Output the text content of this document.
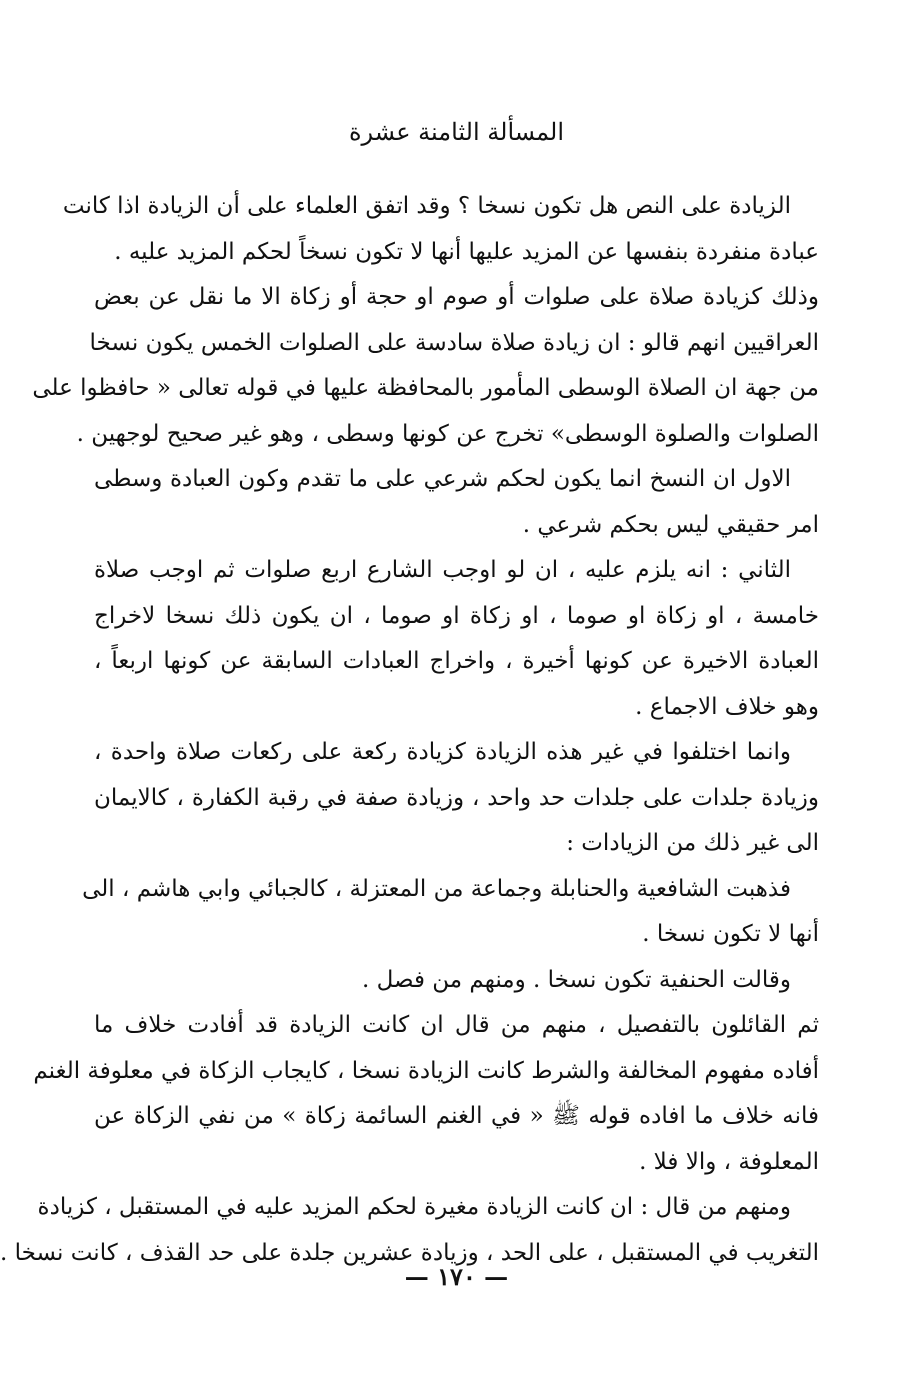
المسألة الثامنة عشرة
الزيادة على النص هل تكون نسخا ؟ وقد اتفق العلماء على أن الزيادة اذا كانت
عبادة منفردة بنفسها عن المزيد عليها أنها لا تكون نسخاً لحكم المزيد عليه .
وذلك كزيادة صلاة على صلوات أو صوم او حجة أو زكاة الا ما نقل عن بعض
العراقيين انهم قالو : ان زيادة صلاة سادسة على الصلوات الخمس يكون نسخا
من جهة ان الصلاة الوسطى المأمور بالمحافظة عليها في قوله تعالى « حافظوا على
الصلوات والصلوة الوسطى» تخرج عن كونها وسطى ، وهو غير صحيح لوجهين .
الاول ان النسخ انما يكون لحكم شرعي على ما تقدم وكون العبادة وسطى
امر حقيقي ليس بحكم شرعي .
الثاني : انه يلزم عليه ، ان لو اوجب الشارع اربع صلوات ثم اوجب صلاة
خامسة ، او زكاة او صوما ، او زكاة او صوما ، ان يكون ذلك نسخا لاخراج
العبادة الاخيرة عن كونها أخيرة ، واخراج العبادات السابقة عن كونها اربعاً ،
وهو خلاف الاجماع .
وانما اختلفوا في غير هذه الزيادة كزيادة ركعة على ركعات صلاة واحدة ،
وزيادة جلدات على جلدات حد واحد ، وزيادة صفة في رقبة الكفارة ، كالايمان
الى غير ذلك من الزيادات :
فذهبت الشافعية والحنابلة وجماعة من المعتزلة ، كالجبائي وابي هاشم ، الى
أنها لا تكون نسخا .
وقالت الحنفية تكون نسخا . ومنهم من فصل .
ثم القائلون بالتفصيل ، منهم من قال ان كانت الزيادة قد أفادت خلاف ما
أفاده مفهوم المخالفة والشرط كانت الزيادة نسخا ، كايجاب الزكاة في معلوفة الغنم
فانه خلاف ما افاده قوله ﷺ « في الغنم السائمة زكاة » من نفي الزكاة عن
المعلوفة ، والا فلا .
ومنهم من قال : ان كانت الزيادة مغيرة لحكم المزيد عليه في المستقبل ، كزيادة
التغريب في المستقبل ، على الحد ، وزيادة عشرين جلدة على حد القذف ، كانت نسخا .
— ١٧٠ —
